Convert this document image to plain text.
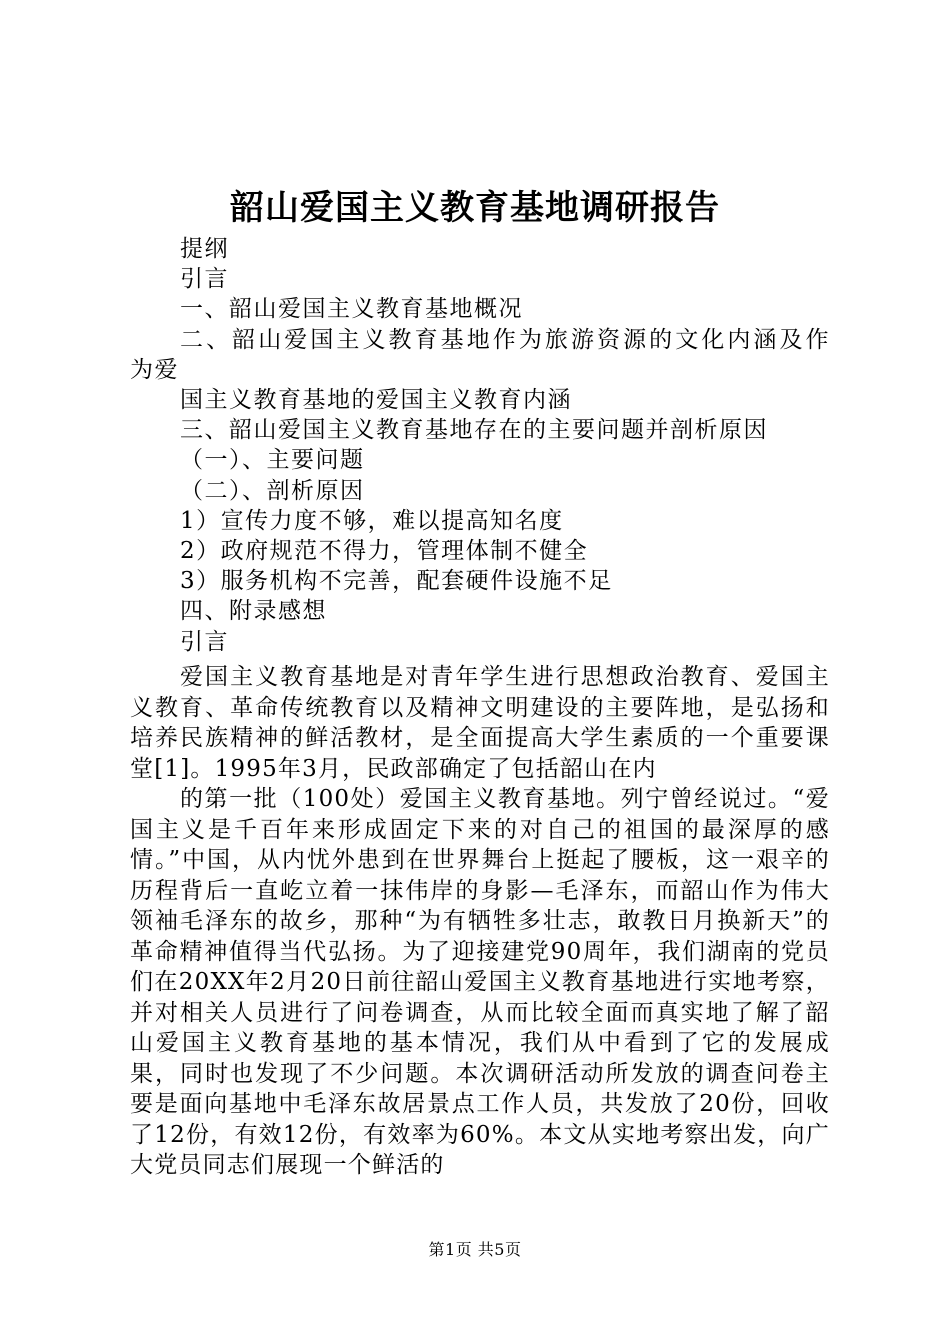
韶山爱国主义教育基地调研报告
提纲
引言
一、韶山爱国主义教育基地概况
二、韶山爱国主义教育基地作为旅游资源的文化内涵及作
为爱
国主义教育基地的爱国主义教育内涵
三、韶山爱国主义教育基地存在的主要问题并剖析原因
（一）、主要问题
（二）、剖析原因
1）宣传力度不够，难以提高知名度
2）政府规范不得力，管理体制不健全
3）服务机构不完善，配套硬件设施不足
四、附录感想
引言

爱国主义教育基地是对青年学生进行思想政治教育、爱国主义教育、革命传统教育以及精神文明建设的主要阵地，是弘扬和培养民族精神的鲜活教材，是全面提高大学生素质的一个重要课堂[1]。1995年3月，民政部确定了包括韶山在内

的第一批（100处）爱国主义教育基地。列宁曾经说过。“爱国主义是千百年来形成固定下来的对自己的祖国的最深厚的感情。”中国，从内忧外患到在世界舞台上挺起了腰板，这一艰辛的历程背后一直屹立着一抹伟岸的身影—毛泽东，而韶山作为伟大领袖毛泽东的故乡，那种“为有牺牲多壮志，敢教日月换新天”的革命精神值得当代弘扬。为了迎接建党90周年，我们湖南的党员们在20XX年2月20日前往韶山爱国主义教育基地进行实地考察，并对相关人员进行了问卷调查，从而比较全面而真实地了解了韶山爱国主义教育基地的基本情况，我们从中看到了它的发展成果，同时也发现了不少问题。本次调研活动所发放的调查问卷主要是面向基地中毛泽东故居景点工作人员，共发放了20份，回收了12份，有效12份，有效率为60%。本文从实地考察出发，向广大党员同志们展现一个鲜活的

第1页 共5页
